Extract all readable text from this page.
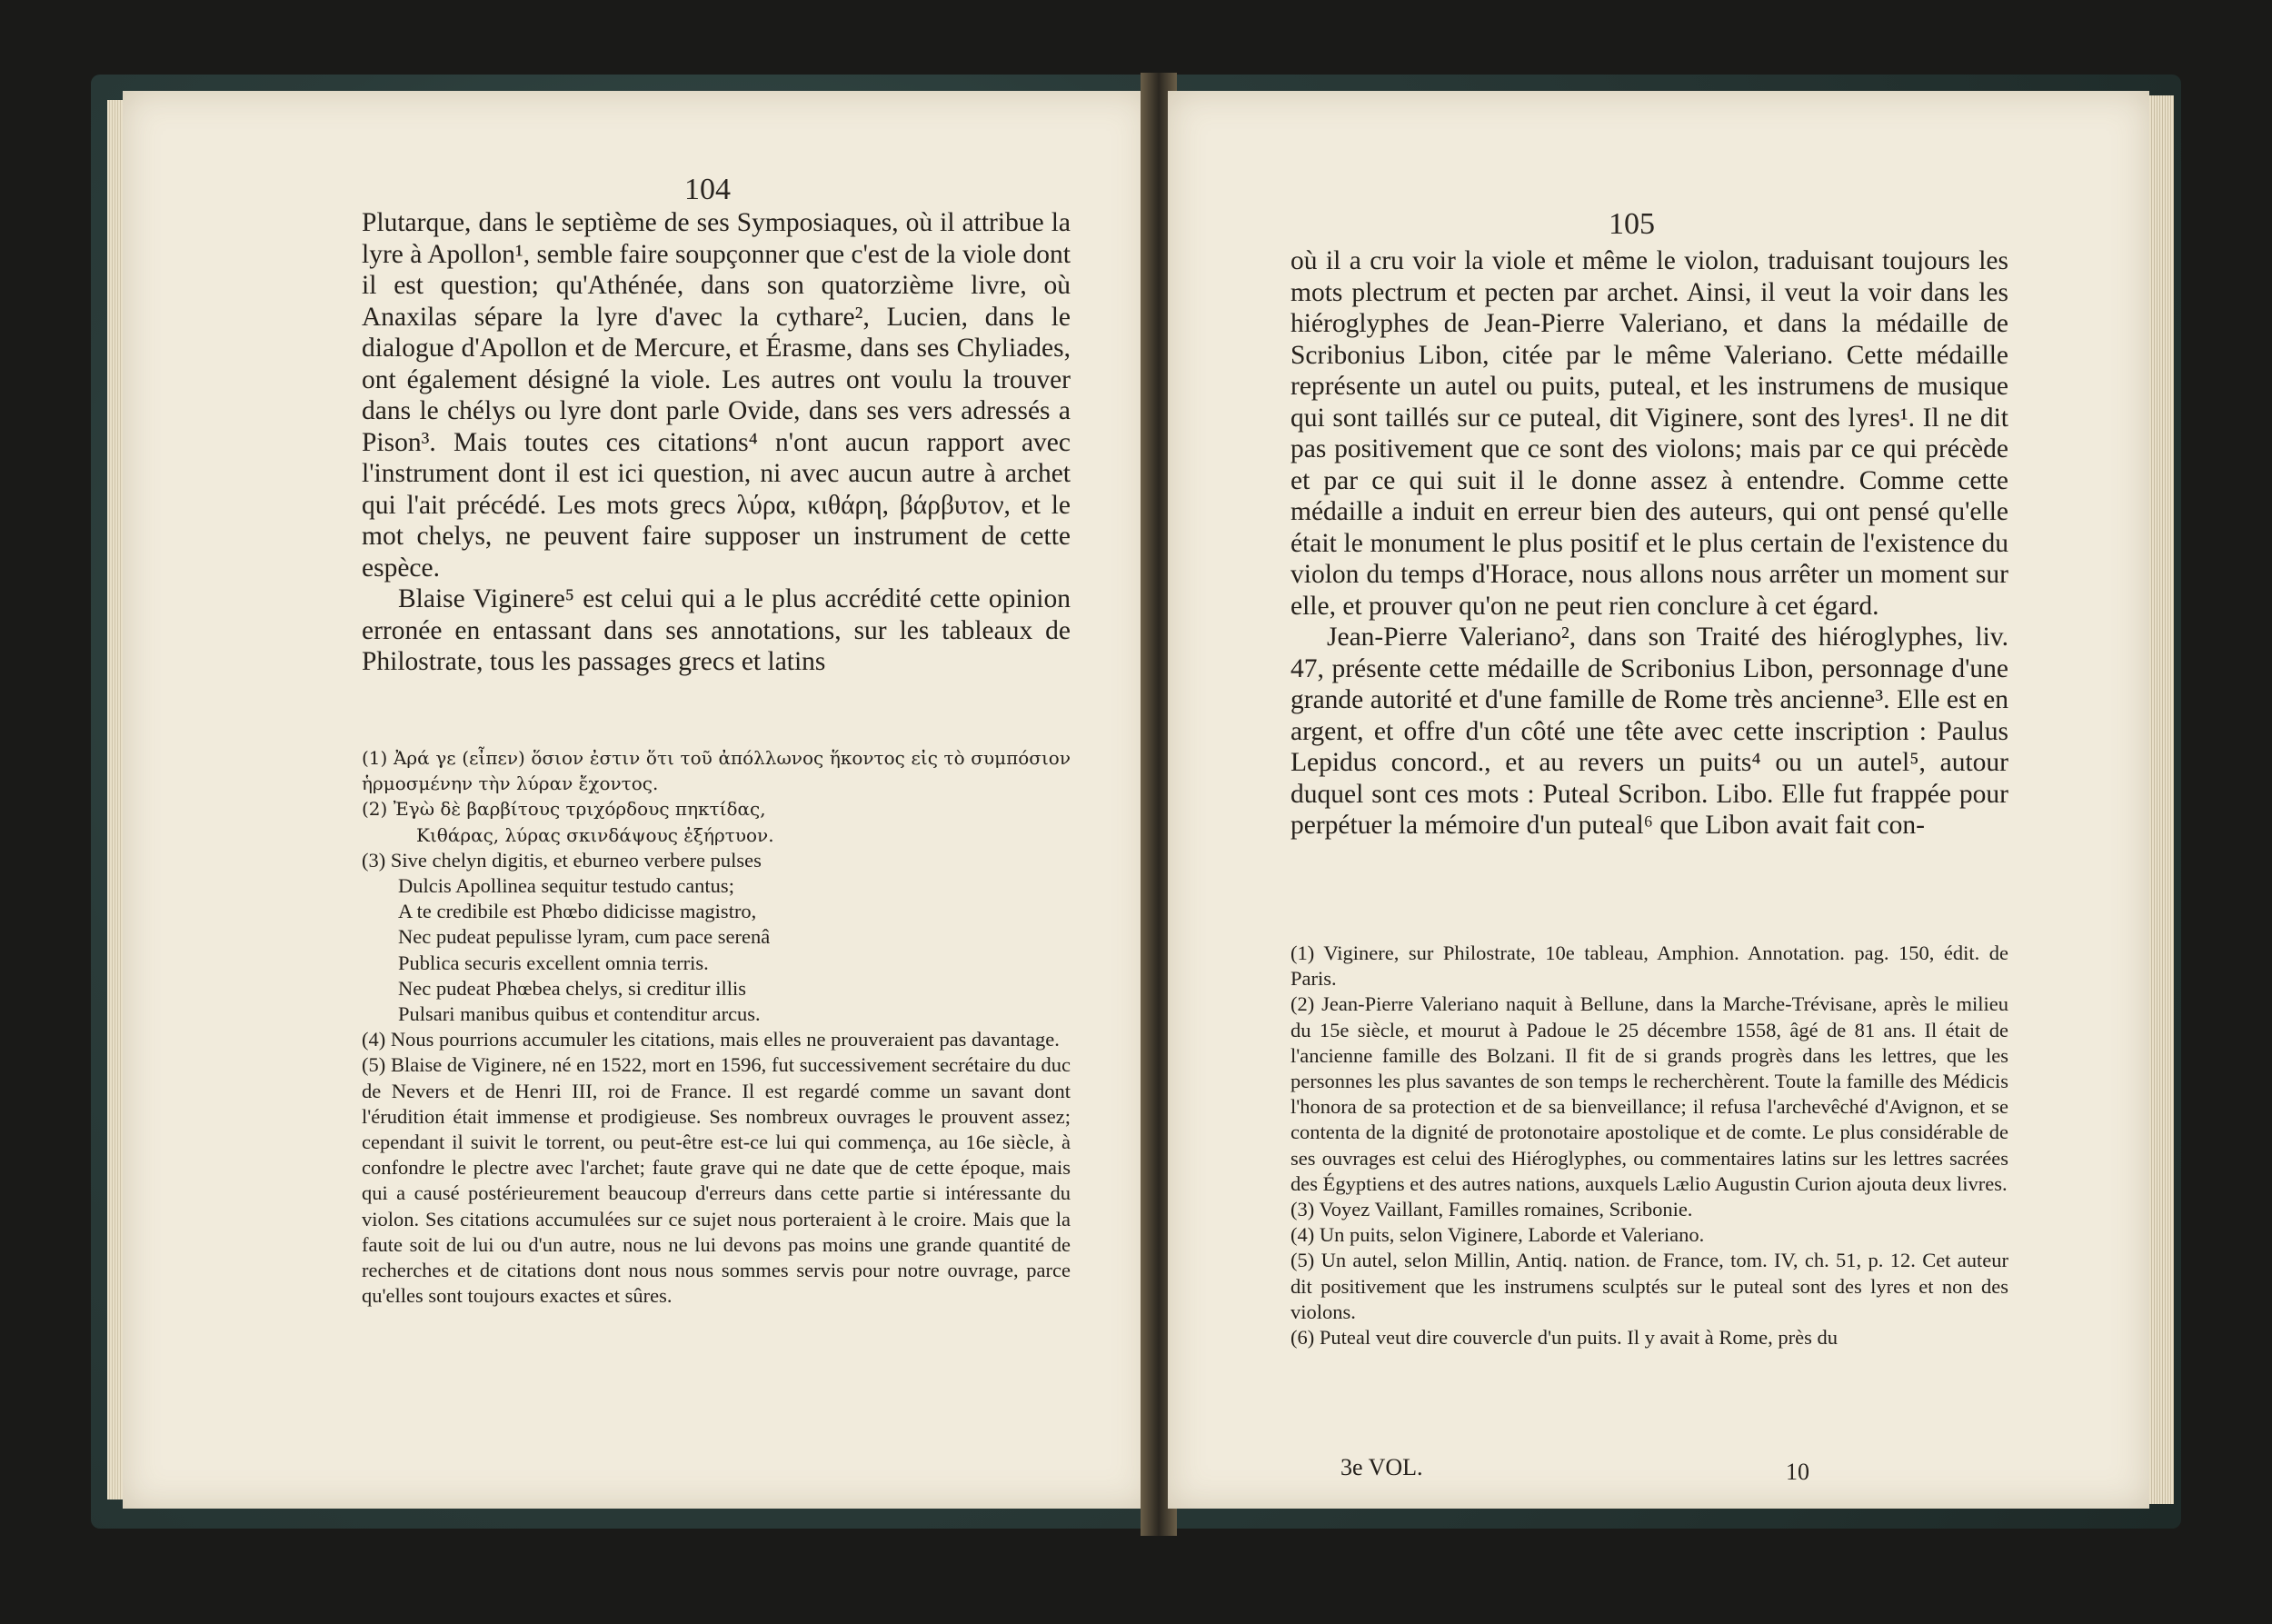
104

Plutarque, dans le septième de ses Symposiaques, où il attribue la lyre à Apollon¹, semble faire soupçonner que c'est de la viole dont il est question; qu'Athénée, dans son quatorzième livre, où Anaxilas sépare la lyre d'avec la cythare², Lucien, dans le dialogue d'Apollon et de Mercure, et Érasme, dans ses Chyliades, ont également désigné la viole. Les autres ont voulu la trouver dans le chélys ou lyre dont parle Ovide, dans ses vers adressés a Pison³. Mais toutes ces citations⁴ n'ont aucun rapport avec l'instrument dont il est ici question, ni avec aucun autre à archet qui l'ait précédé. Les mots grecs λύρα, κιθάρη, βάρβυτον, et le mot chelys, ne peuvent faire supposer un instrument de cette espèce.

Blaise Viginere⁵ est celui qui a le plus accrédité cette opinion erronée en entassant dans ses annotations, sur les tableaux de Philostrate, tous les passages grecs et latins

(1) Ἀρά γε (εἶπεν) ὅσιον ἐστιν ὅτι τοῦ ἀπόλλωνος ἥκοντος εἰς τὸ συμπόσιον ἡρμοσμένην τὴν λύραν ἔχοντος.

(2) Ἐγὼ δὲ βαρβίτους τριχόρδους πηκτίδας,

Κιθάρας, λύρας σκινδάψους ἐξήρτυον.

(3) Sive chelyn digitis, et eburneo verbere pulses

Dulcis Apollinea sequitur testudo cantus;

A te credibile est Phœbo didicisse magistro,

Nec pudeat pepulisse lyram, cum pace serenâ

Publica securis excellent omnia terris.

Nec pudeat Phœbea chelys, si creditur illis

Pulsari manibus quibus et contenditur arcus.

(4) Nous pourrions accumuler les citations, mais elles ne prouveraient pas davantage.

(5) Blaise de Viginere, né en 1522, mort en 1596, fut successivement secrétaire du duc de Nevers et de Henri III, roi de France. Il est regardé comme un savant dont l'érudition était immense et prodigieuse. Ses nombreux ouvrages le prouvent assez; cependant il suivit le torrent, ou peut-être est-ce lui qui commença, au 16e siècle, à confondre le plectre avec l'archet; faute grave qui ne date que de cette époque, mais qui a causé postérieurement beaucoup d'erreurs dans cette partie si intéressante du violon. Ses citations accumulées sur ce sujet nous porteraient à le croire. Mais que la faute soit de lui ou d'un autre, nous ne lui devons pas moins une grande quantité de recherches et de citations dont nous nous sommes servis pour notre ouvrage, parce qu'elles sont toujours exactes et sûres.

105

où il a cru voir la viole et même le violon, traduisant toujours les mots plectrum et pecten par archet. Ainsi, il veut la voir dans les hiéroglyphes de Jean-Pierre Valeriano, et dans la médaille de Scribonius Libon, citée par le même Valeriano. Cette médaille représente un autel ou puits, puteal, et les instrumens de musique qui sont taillés sur ce puteal, dit Viginere, sont des lyres¹. Il ne dit pas positivement que ce sont des violons; mais par ce qui précède et par ce qui suit il le donne assez à entendre. Comme cette médaille a induit en erreur bien des auteurs, qui ont pensé qu'elle était le monument le plus positif et le plus certain de l'existence du violon du temps d'Horace, nous allons nous arrêter un moment sur elle, et prouver qu'on ne peut rien conclure à cet égard.

Jean-Pierre Valeriano², dans son Traité des hiéroglyphes, liv. 47, présente cette médaille de Scribonius Libon, personnage d'une grande autorité et d'une famille de Rome très ancienne³. Elle est en argent, et offre d'un côté une tête avec cette inscription : Paulus Lepidus concord., et au revers un puits⁴ ou un autel⁵, autour duquel sont ces mots : Puteal Scribon. Libo. Elle fut frappée pour perpétuer la mémoire d'un puteal⁶ que Libon avait fait con-

(1) Viginere, sur Philostrate, 10e tableau, Amphion. Annotation. pag. 150, édit. de Paris.

(2) Jean-Pierre Valeriano naquit à Bellune, dans la Marche-Trévisane, après le milieu du 15e siècle, et mourut à Padoue le 25 décembre 1558, âgé de 81 ans. Il était de l'ancienne famille des Bolzani. Il fit de si grands progrès dans les lettres, que les personnes les plus savantes de son temps le recherchèrent. Toute la famille des Médicis l'honora de sa protection et de sa bienveillance; il refusa l'archevêché d'Avignon, et se contenta de la dignité de protonotaire apostolique et de comte. Le plus considérable de ses ouvrages est celui des Hiéroglyphes, ou commentaires latins sur les lettres sacrées des Égyptiens et des autres nations, auxquels Lælio Augustin Curion ajouta deux livres.

(3) Voyez Vaillant, Familles romaines, Scribonie.

(4) Un puits, selon Viginere, Laborde et Valeriano.

(5) Un autel, selon Millin, Antiq. nation. de France, tom. IV, ch. 51, p. 12. Cet auteur dit positivement que les instrumens sculptés sur le puteal sont des lyres et non des violons.

(6) Puteal veut dire couvercle d'un puits. Il y avait à Rome, près du

3e VOL.	10
